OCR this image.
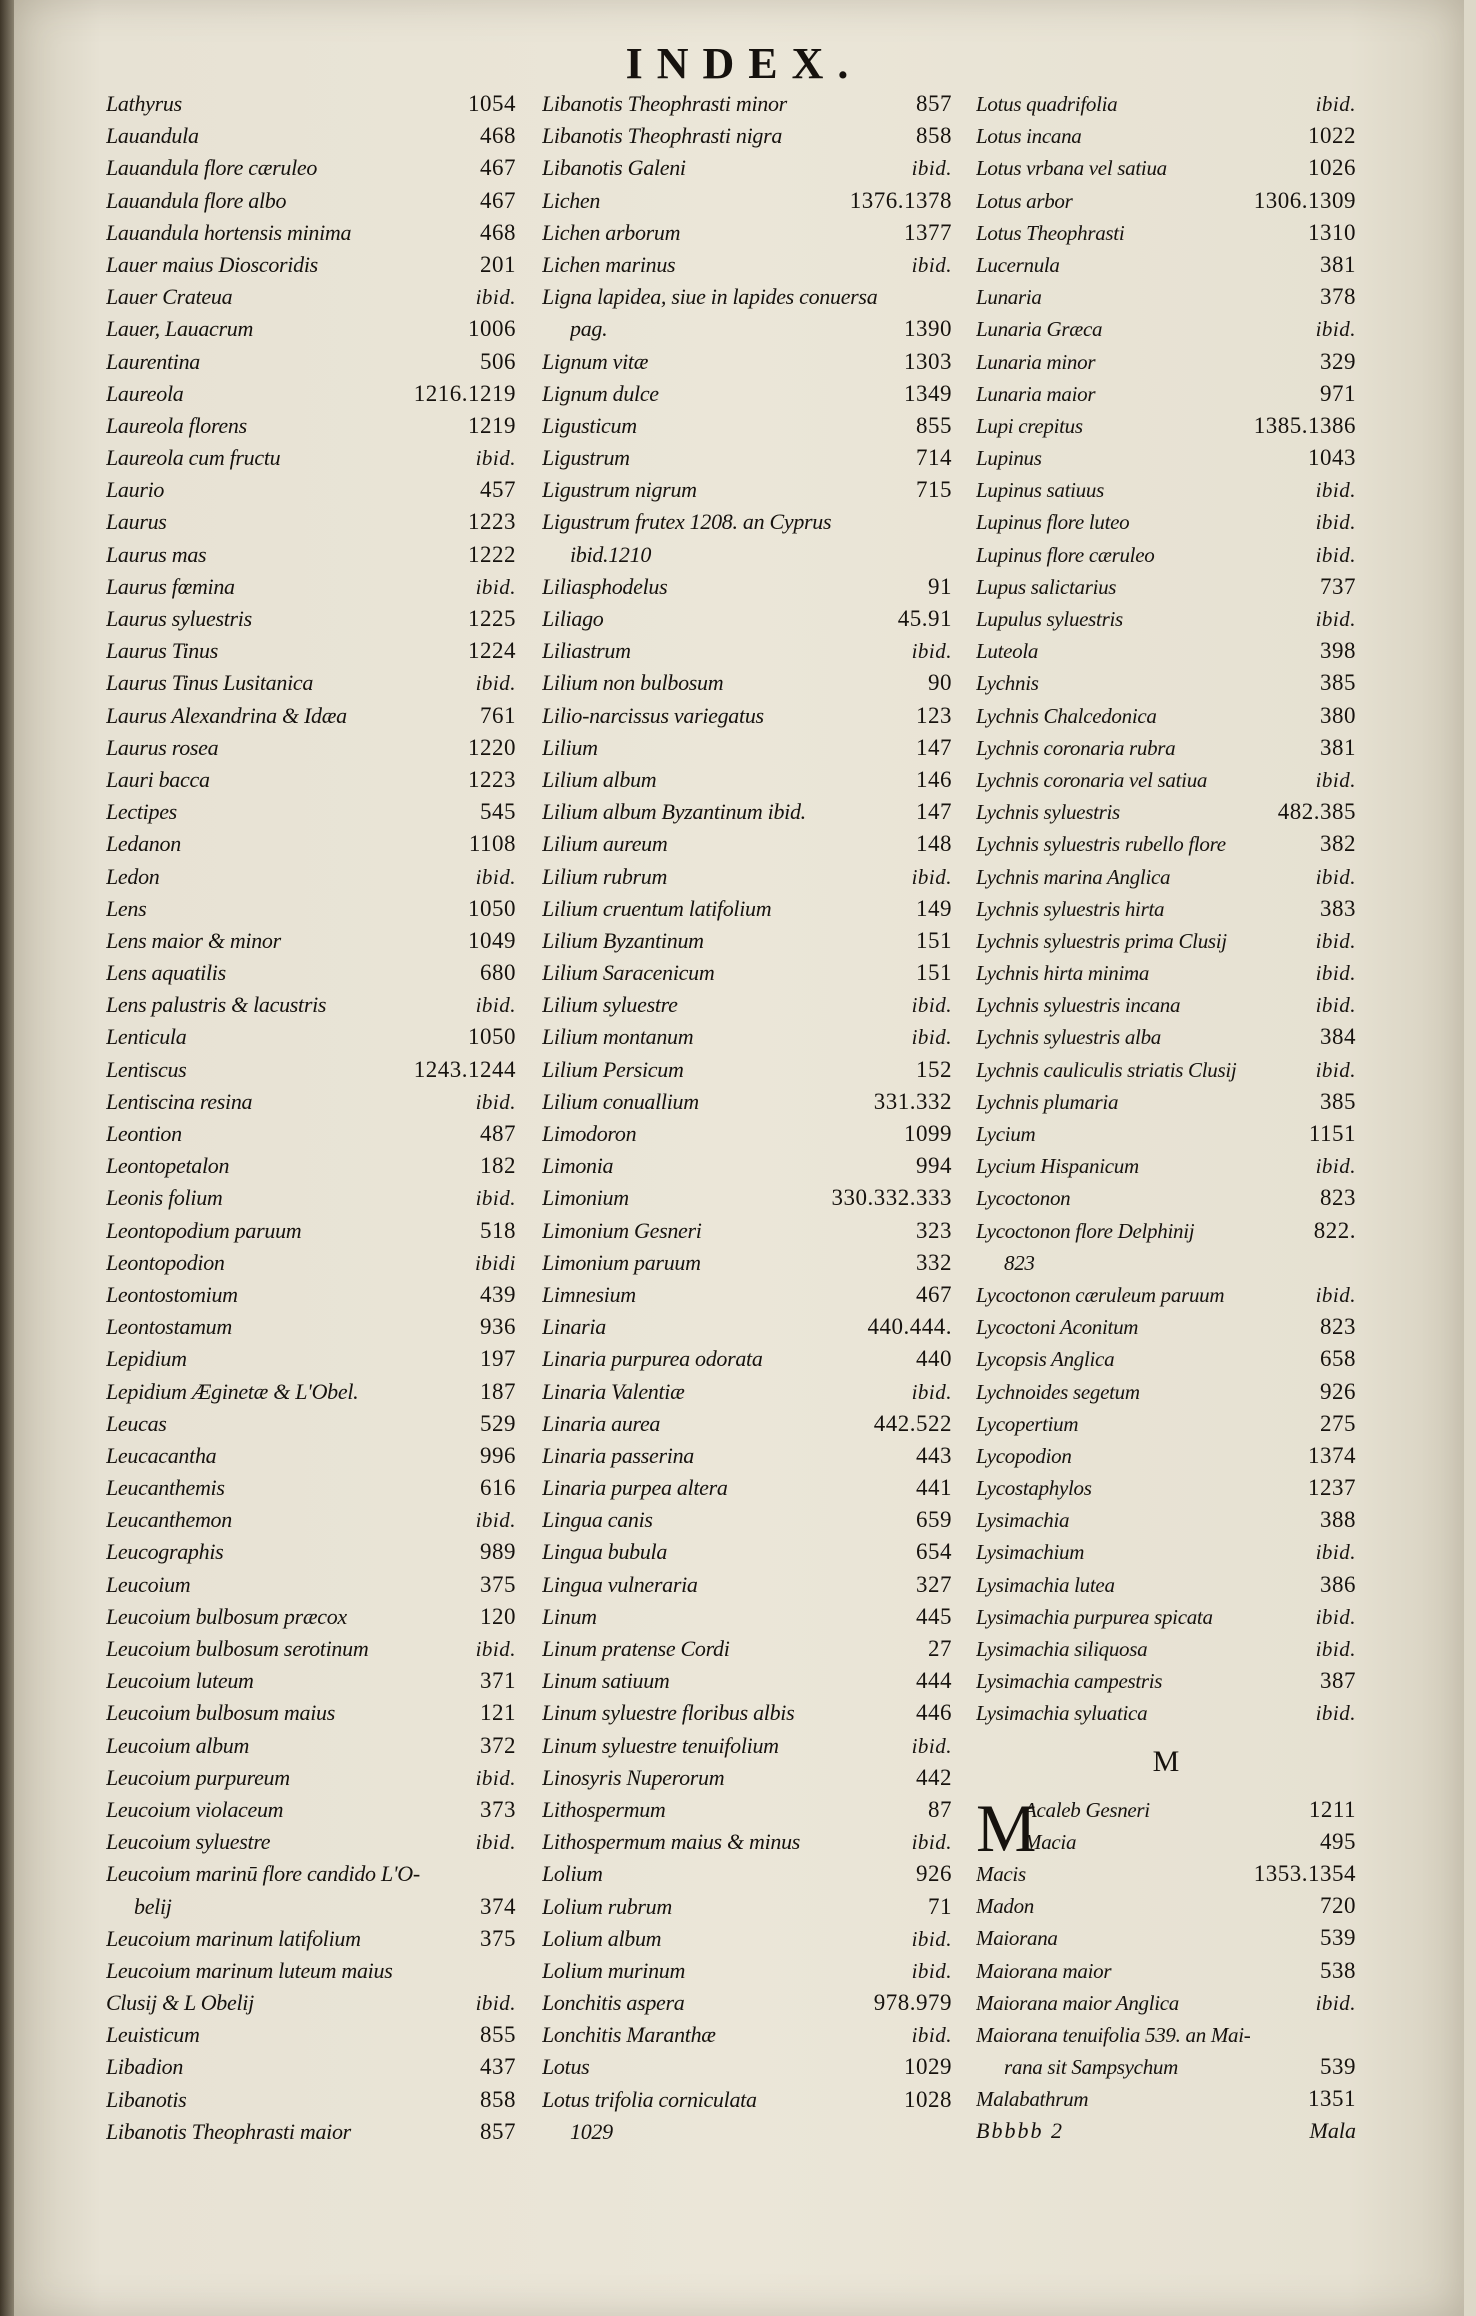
INDEX.
Lathyrus	1054
Lauandula	468
Lauandula flore cæruleo	467
Lauandula flore albo	467
Lauandula hortensis minima	468
Lauer maius Dioscoridis	201
Lauer Crateua	ibid.
Lauer, Lauacrum	1006
Laurentina	506
Laureola	1216.1219
Laureola florens	1219
Laureola cum fructu	ibid.
Laurio	457
Laurus	1223
Laurus mas	1222
Laurus fœmina	ibid.
Laurus syluestris	1225
Laurus Tinus	1224
Laurus Tinus Lusitanica	ibid.
Laurus Alexandrina & Idæa	761
Laurus rosea	1220
Lauri bacca	1223
Lectipes	545
Ledanon	1108
Ledon	ibid.
Lens	1050
Lens maior & minor	1049
Lens aquatilis	680
Lens palustris & lacustris	ibid.
Lenticula	1050
Lentiscus	1243.1244
Lentiscina resina	ibid.
Leontion	487
Leontopetalon	182
Leonis folium	ibid.
Leontopodium paruum	518
Leontopodion	ibidi
Leontostomium	439
Leontostamum	936
Lepidium	197
Lepidium Æginetæ & L'Obel.	187
Leucas	529
Leucacantha	996
Leucanthemis	616
Leucanthemon	ibid.
Leucographis	989
Leucoium	375
Leucoium bulbosum præcox	120
Leucoium bulbosum serotinum	ibid.
Leucoium luteum	371
Leucoium bulbosum maius	121
Leucoium album	372
Leucoium purpureum	ibid.
Leucoium violaceum	373
Leucoium syluestre	ibid.
Leucoium marinū flore candido L'O-
belij	374
Leucoium marinum latifolium	375
Leucoium marinum luteum maius
Clusij & L Obelij	ibid.
Leuisticum	855
Libadion	437
Libanotis	858
Libanotis Theophrasti maior	857
Libanotis Theophrasti minor	857
Libanotis Theophrasti nigra	858
Libanotis Galeni	ibid.
Lichen	1376.1378
Lichen arborum	1377
Lichen marinus	ibid.
Ligna lapidea, siue in lapides conuersa
pag.	1390
Lignum vitæ	1303
Lignum dulce	1349
Ligusticum	855
Ligustrum	714
Ligustrum nigrum	715
Ligustrum frutex 1208. an Cyprus
ibid.1210
Liliasphodelus	91
Liliago	45.91
Liliastrum	ibid.
Lilium non bulbosum	90
Lilio-narcissus variegatus	123
Lilium	147
Lilium album	146
Lilium album Byzantinum ibid.	147
Lilium aureum	148
Lilium rubrum	ibid.
Lilium cruentum latifolium	149
Lilium Byzantinum	151
Lilium Saracenicum	151
Lilium syluestre	ibid.
Lilium montanum	ibid.
Lilium Persicum	152
Lilium conuallium	331.332
Limodoron	1099
Limonia	994
Limonium	330.332.333
Limonium Gesneri	323
Limonium paruum	332
Limnesium	467
Linaria	440.444.
Linaria purpurea odorata	440
Linaria Valentiæ	ibid.
Linaria aurea	442.522
Linaria passerina	443
Linaria purpea altera	441
Lingua canis	659
Lingua bubula	654
Lingua vulneraria	327
Linum	445
Linum pratense Cordi	27
Linum satiuum	444
Linum syluestre floribus albis	446
Linum syluestre tenuifolium	ibid.
Linosyris Nuperorum	442
Lithospermum	87
Lithospermum maius & minus	ibid.
Lolium	926
Lolium rubrum	71
Lolium album	ibid.
Lolium murinum	ibid.
Lonchitis aspera	978.979
Lonchitis Maranthæ	ibid.
Lotus	1029
Lotus trifolia corniculata	1028
1029
Lotus quadrifolia	ibid.
Lotus incana	1022
Lotus vrbana vel satiua	1026
Lotus arbor	1306.1309
Lotus Theophrasti	1310
Lucernula	381
Lunaria	378
Lunaria Græca	ibid.
Lunaria minor	329
Lunaria maior	971
Lupi crepitus	1385.1386
Lupinus	1043
Lupinus satiuus	ibid.
Lupinus flore luteo	ibid.
Lupinus flore cæruleo	ibid.
Lupus salictarius	737
Lupulus syluestris	ibid.
Luteola	398
Lychnis	385
Lychnis Chalcedonica	380
Lychnis coronaria rubra	381
Lychnis coronaria vel satiua	ibid.
Lychnis syluestris	482.385
Lychnis syluestris rubello flore	382
Lychnis marina Anglica	ibid.
Lychnis syluestris hirta	383
Lychnis syluestris prima Clusij	ibid.
Lychnis hirta minima	ibid.
Lychnis syluestris incana	ibid.
Lychnis syluestris alba	384
Lychnis cauliculis striatis Clusij	ibid.
Lychnis plumaria	385
Lycium	1151
Lycium Hispanicum	ibid.
Lycoctonon	823
Lycoctonon flore Delphinij	822.
823
Lycoctonon cæruleum paruum	ibid.
Lycoctoni Aconitum	823
Lycopsis Anglica	658
Lychnoides segetum	926
Lycopertium	275
Lycopodion	1374
Lycostaphylos	1237
Lysimachia	388
Lysimachium	ibid.
Lysimachia lutea	386
Lysimachia purpurea spicata	ibid.
Lysimachia siliquosa	ibid.
Lysimachia campestris	387
Lysimachia syluatica	ibid.
M
M
Acaleb Gesneri	1211
Macia	495
Macis	1353.1354
Madon	720
Maiorana	539
Maiorana maior	538
Maiorana maior Anglica	ibid.
Maiorana tenuifolia 539. an Mai-
rana sit Sampsychum	539
Malabathrum	1351
Bbbbb 2	Mala
